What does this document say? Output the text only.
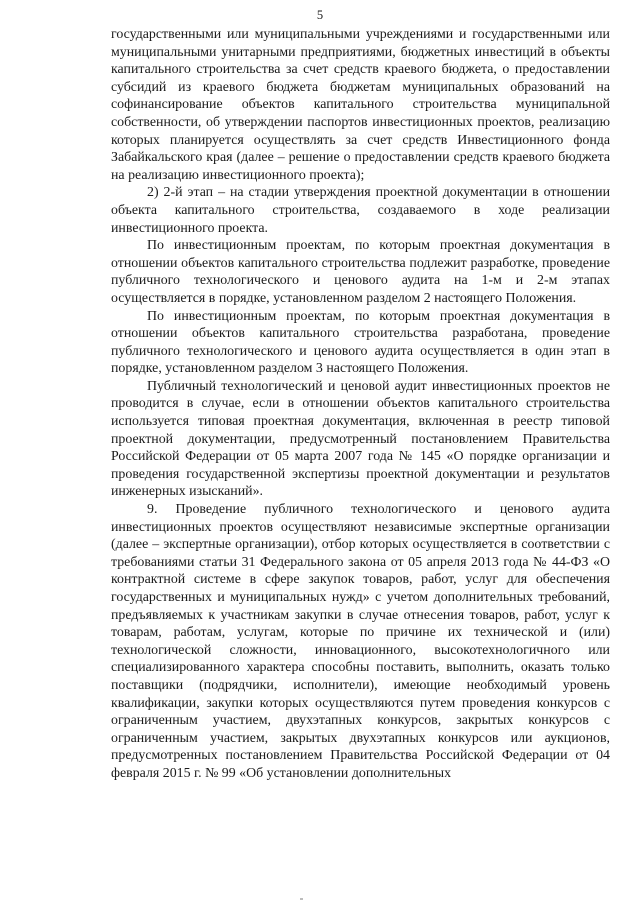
5

государственными или муниципальными учреждениями и государственными или муниципальными унитарными предприятиями, бюджетных инвестиций в объекты капитального строительства за счет средств краевого бюджета, о предоставлении субсидий из краевого бюджета бюджетам муниципальных образований на софинансирование объектов капитального строительства муниципальной собственности, об утверждении паспортов инвестиционных проектов, реализацию которых планируется осуществлять за счет средств Инвестиционного фонда Забайкальского края (далее – решение о предоставлении средств краевого бюджета на реализацию инвестиционного проекта);

2) 2-й этап – на стадии утверждения проектной документации в отношении объекта капитального строительства, создаваемого в ходе реализации инвестиционного проекта.

По инвестиционным проектам, по которым проектная документация в отношении объектов капитального строительства подлежит разработке, проведение публичного технологического и ценового аудита на 1-м и 2-м этапах осуществляется в порядке, установленном разделом 2 настоящего Положения.

По инвестиционным проектам, по которым проектная документация в отношении объектов капитального строительства разработана, проведение публичного технологического и ценового аудита осуществляется в один этап в порядке, установленном разделом 3 настоящего Положения.

Публичный технологический и ценовой аудит инвестиционных проектов не проводится в случае, если в отношении объектов капитального строительства используется типовая проектная документация, включенная в реестр типовой проектной документации, предусмотренный постановлением Правительства Российской Федерации от 05 марта 2007 года № 145 «О порядке организации и проведения государственной экспертизы проектной документации и результатов инженерных изысканий».

9. Проведение публичного технологического и ценового аудита инвестиционных проектов осуществляют независимые экспертные организации (далее – экспертные организации), отбор которых осуществляется в соответствии с требованиями статьи 31 Федерального закона от 05 апреля 2013 года № 44-ФЗ «О контрактной системе в сфере закупок товаров, работ, услуг для обеспечения государственных и муниципальных нужд» с учетом дополнительных требований, предъявляемых к участникам закупки в случае отнесения товаров, работ, услуг к товарам, работам, услугам, которые по причине их технической и (или) технологической сложности, инновационного, высокотехнологичного или специализированного характера способны поставить, выполнить, оказать только поставщики (подрядчики, исполнители), имеющие необходимый уровень квалификации, закупки которых осуществляются путем проведения конкурсов с ограниченным участием, двухэтапных конкурсов, закрытых конкурсов с ограниченным участием, закрытых двухэтапных конкурсов или аукционов, предусмотренных постановлением Правительства Российской Федерации от 04 февраля 2015 г. № 99 «Об установлении дополнительных
